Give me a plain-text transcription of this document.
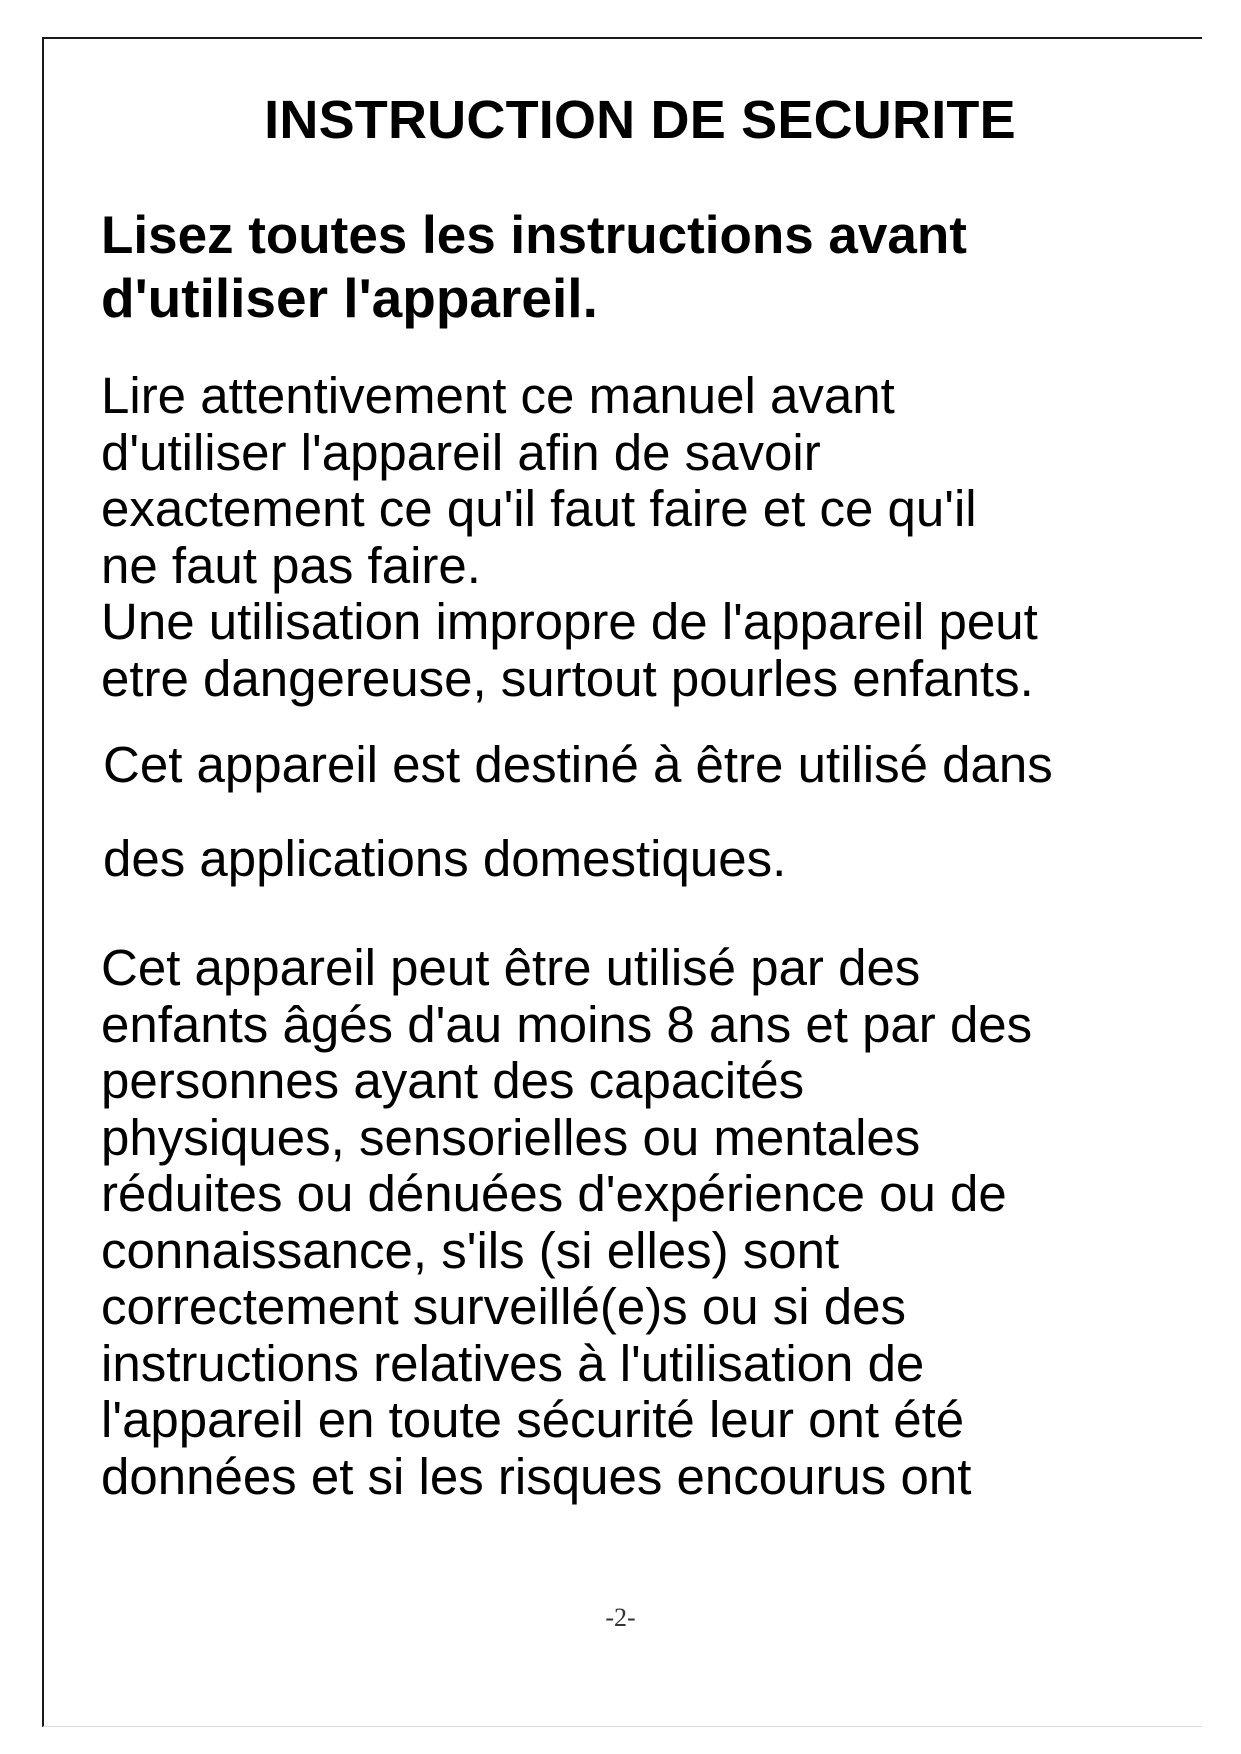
INSTRUCTION DE SECURITE
Lisez toutes les instructions avant
d'utiliser l'appareil.
Lire attentivement ce manuel avant
d'utiliser l'appareil afin de savoir
exactement ce qu'il faut faire et ce qu'il
ne faut pas faire.
Une utilisation impropre de l'appareil peut
etre dangereuse, surtout pourles enfants.
Cet appareil est destiné à être utilisé dans
des applications domestiques.
Cet appareil peut être utilisé par des
enfants âgés d'au moins 8 ans et par des
personnes ayant des capacités
physiques, sensorielles ou mentales
réduites ou dénuées d'expérience ou de
connaissance, s'ils (si elles) sont
correctement surveillé(e)s ou si des
instructions relatives à l'utilisation de
l'appareil en toute sécurité leur ont été
données et si les risques encourus ont
-2-
